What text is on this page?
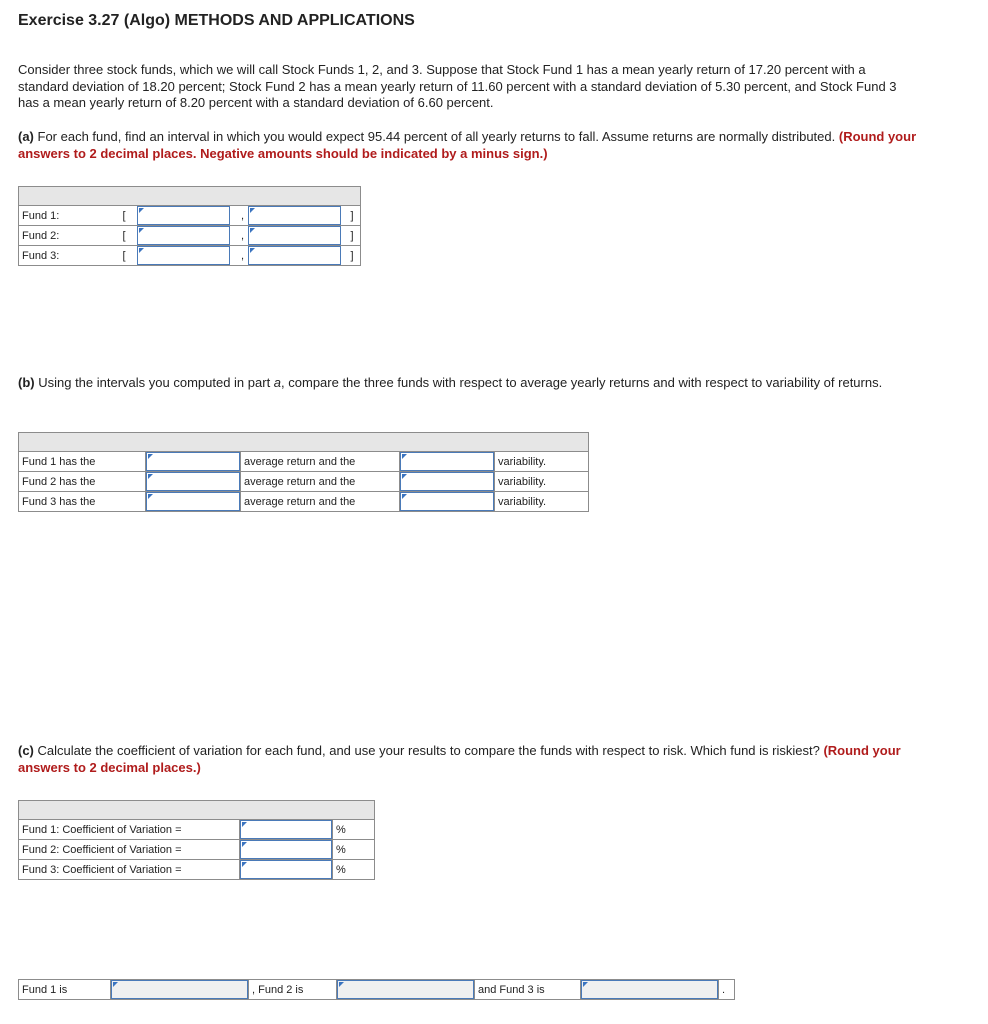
Exercise 3.27 (Algo) METHODS AND APPLICATIONS
Consider three stock funds, which we will call Stock Funds 1, 2, and 3. Suppose that Stock Fund 1 has a mean yearly return of 17.20 percent with a standard deviation of 18.20 percent; Stock Fund 2 has a mean yearly return of 11.60 percent with a standard deviation of 5.30 percent, and Stock Fund 3 has a mean yearly return of 8.20 percent with a standard deviation of 6.60 percent.
(a) For each fund, find an interval in which you would expect 95.44 percent of all yearly returns to fall. Assume returns are normally distributed. (Round your answers to 2 decimal places. Negative amounts should be indicated by a minus sign.)

Fund 1:	[		,		]
Fund 2:	[		,		]
Fund 3:	[		,		]
(b) Using the intervals you computed in part a, compare the three funds with respect to average yearly returns and with respect to variability of returns.

Fund 1 has the		average return and the		variability.
Fund 2 has the		average return and the		variability.
Fund 3 has the		average return and the		variability.
(c) Calculate the coefficient of variation for each fund, and use your results to compare the funds with respect to risk. Which fund is riskiest? (Round your answers to 2 decimal places.)

Fund 1: Coefficient of Variation =		%
Fund 2: Coefficient of Variation =		%
Fund 3: Coefficient of Variation =		%
Fund 1 is		, Fund 2 is		and Fund 3 is		.
